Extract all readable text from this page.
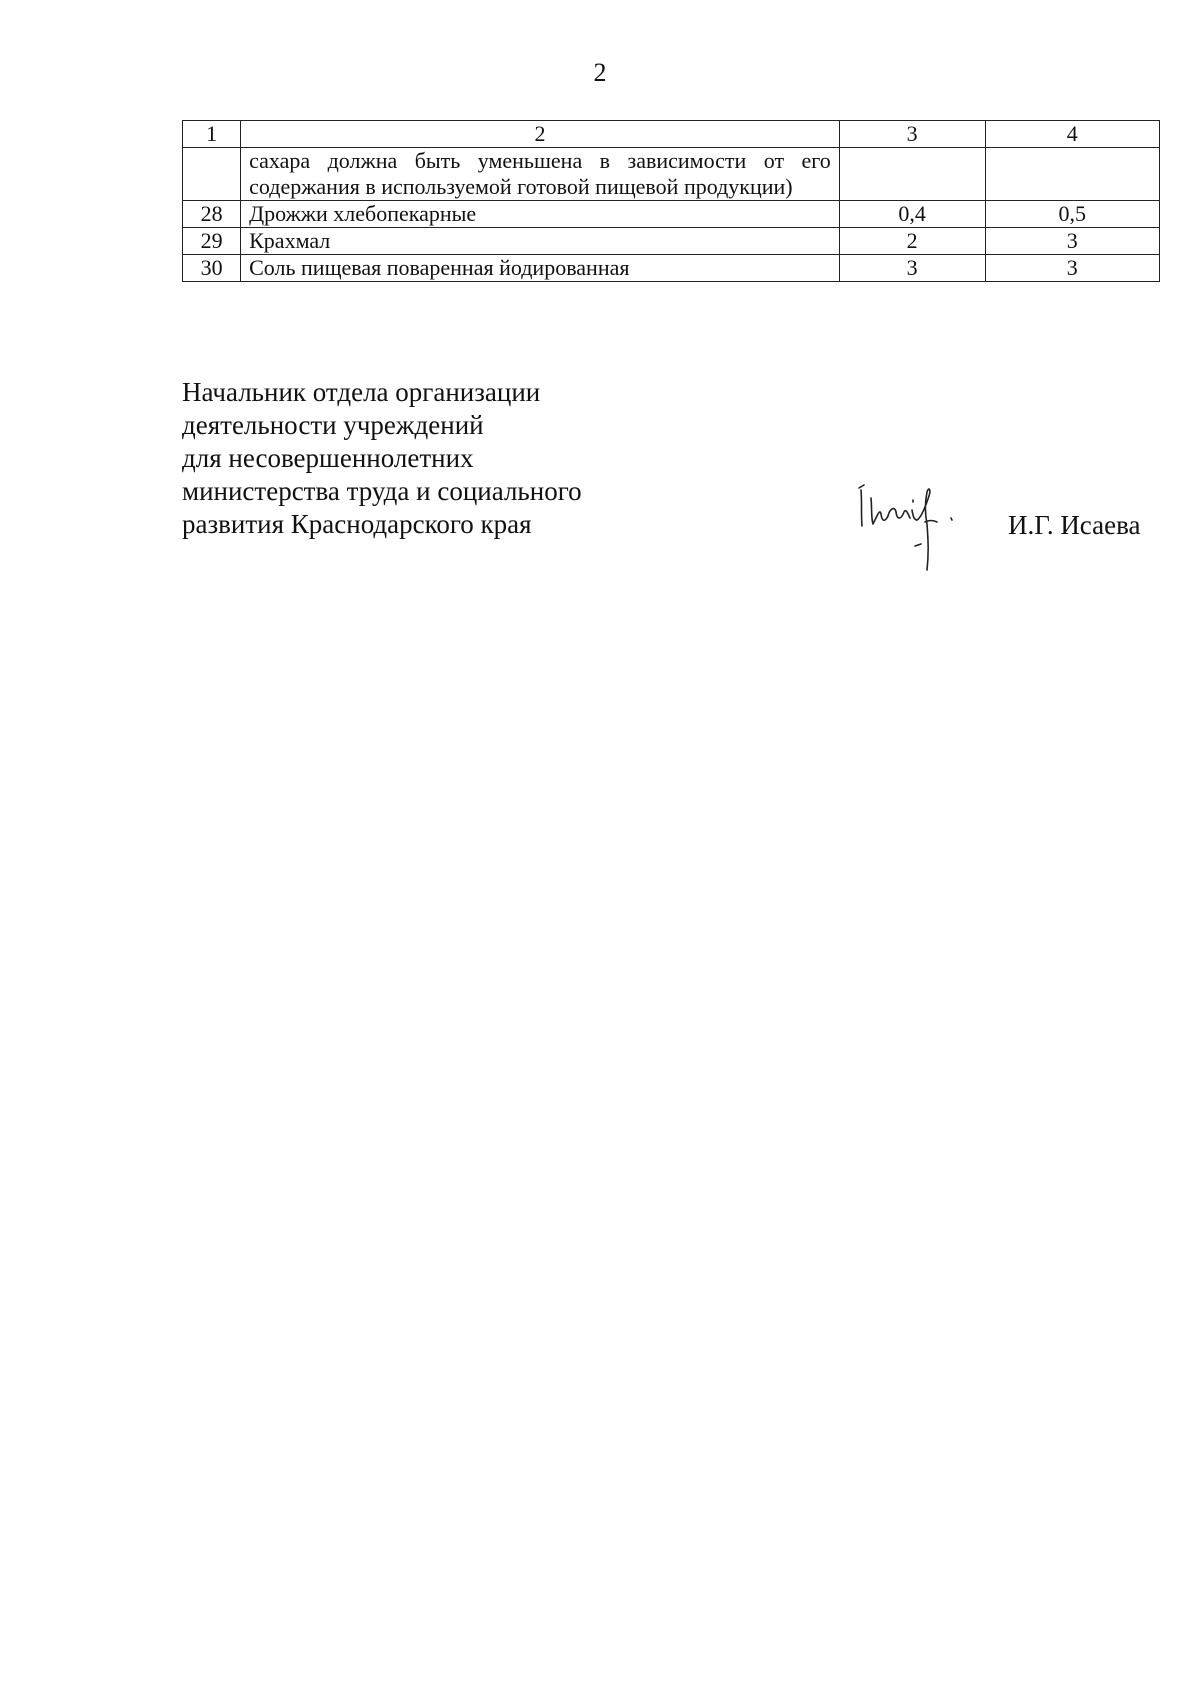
2
1	2	3	4
	сахара должна быть уменьшена в зависимости от его содержания в используемой готовой пищевой продукции)		
28	Дрожжи хлебопекарные	0,4	0,5
29	Крахмал	2	3
30	Соль пищевая поваренная йодированная	3	3
Начальник отдела организации
деятельности учреждений
для несовершеннолетних
министерства труда и социального
развития Краснодарского края	И.Г. Исаева
